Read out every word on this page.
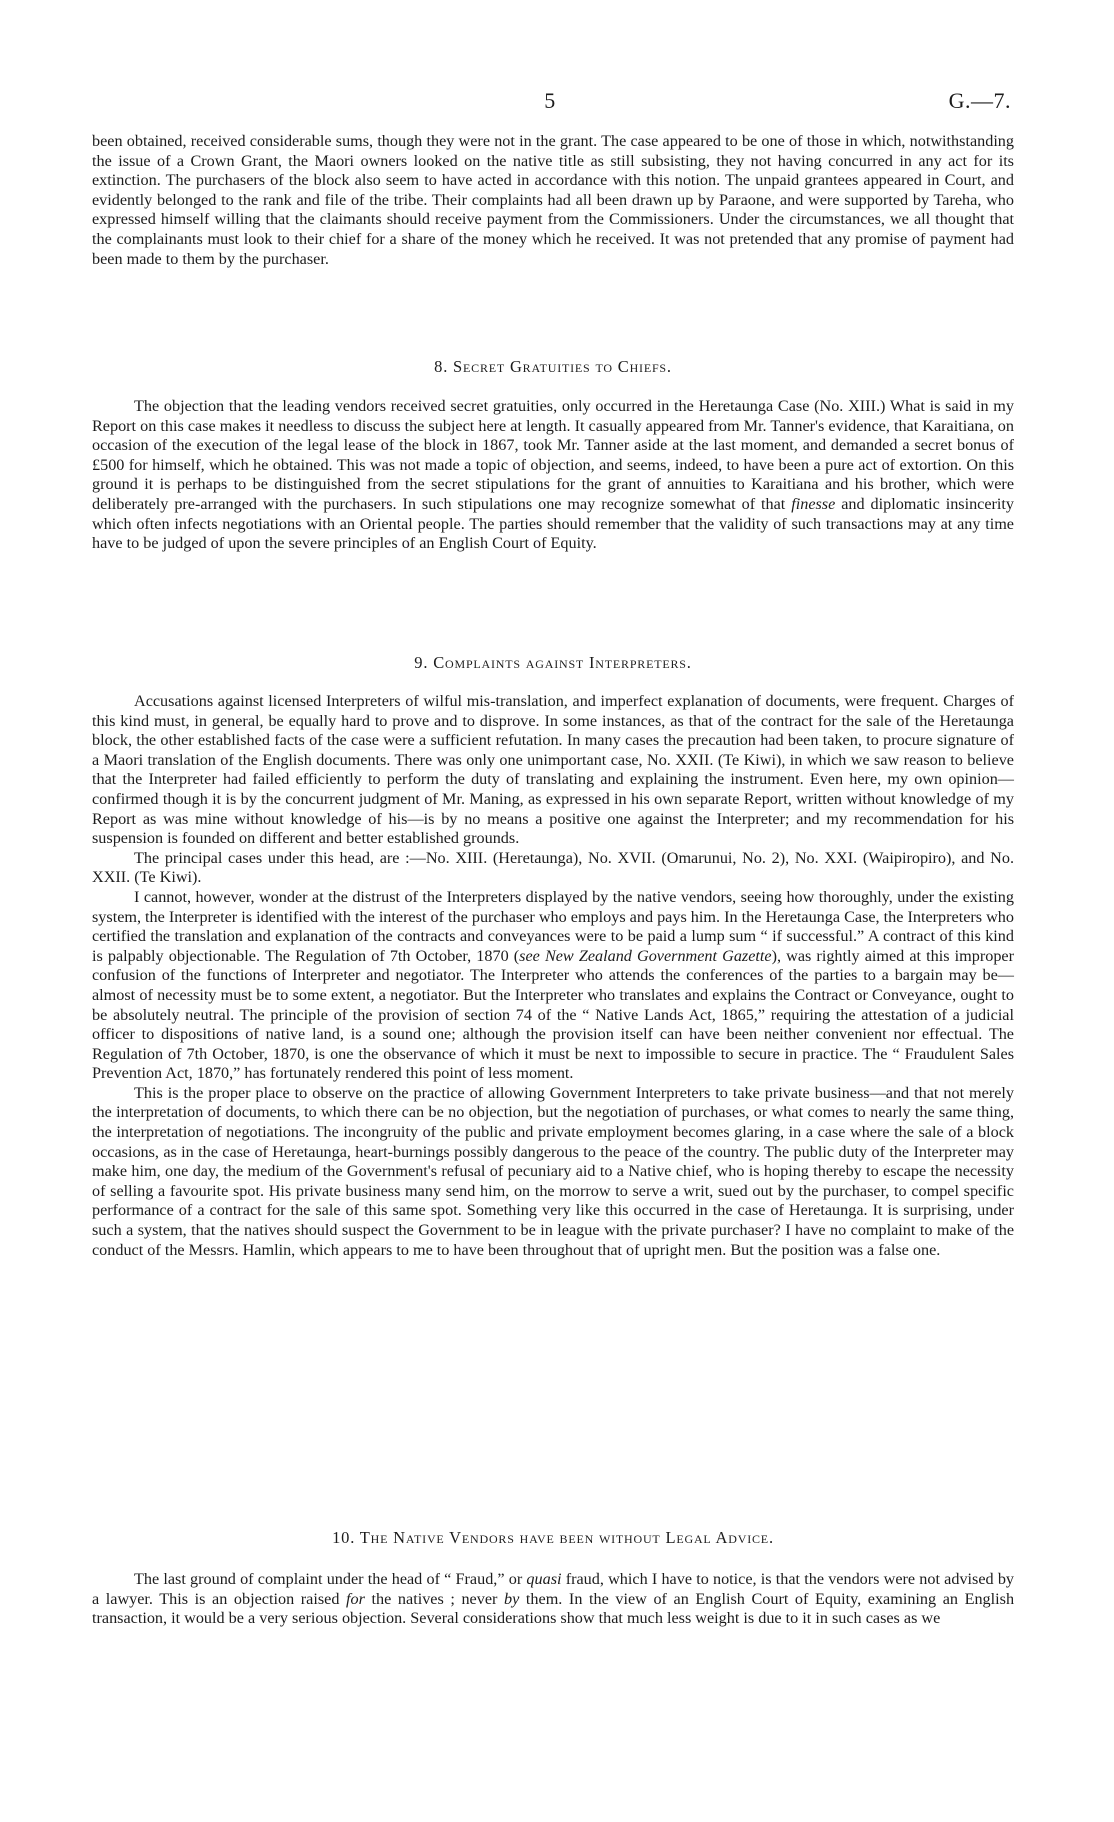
5	G.—7.

been obtained, received considerable sums, though they were not in the grant. The case appeared to be one of those in which, notwithstanding the issue of a Crown Grant, the Maori owners looked on the native title as still subsisting, they not having concurred in any act for its extinction. The purchasers of the block also seem to have acted in accordance with this notion. The unpaid grantees appeared in Court, and evidently belonged to the rank and file of the tribe. Their complaints had all been drawn up by Paraone, and were supported by Tareha, who expressed himself willing that the claimants should receive payment from the Commissioners. Under the circumstances, we all thought that the complainants must look to their chief for a share of the money which he received. It was not pretended that any promise of payment had been made to them by the purchaser.

8. Secret Gratuities to Chiefs.

The objection that the leading vendors received secret gratuities, only occurred in the Heretaunga Case (No. XIII.) What is said in my Report on this case makes it needless to discuss the subject here at length. It casually appeared from Mr. Tanner's evidence, that Karaitiana, on occasion of the execution of the legal lease of the block in 1867, took Mr. Tanner aside at the last moment, and demanded a secret bonus of £500 for himself, which he obtained. This was not made a topic of objection, and seems, indeed, to have been a pure act of extortion. On this ground it is perhaps to be distinguished from the secret stipulations for the grant of annuities to Karaitiana and his brother, which were deliberately pre-arranged with the purchasers. In such stipulations one may recognize somewhat of that finesse and diplomatic insincerity which often infects negotiations with an Oriental people. The parties should remember that the validity of such transactions may at any time have to be judged of upon the severe principles of an English Court of Equity.

9. Complaints against Interpreters.

Accusations against licensed Interpreters of wilful mis-translation, and imperfect explanation of documents, were frequent. Charges of this kind must, in general, be equally hard to prove and to disprove. In some instances, as that of the contract for the sale of the Heretaunga block, the other established facts of the case were a sufficient refutation. In many cases the precaution had been taken, to procure signature of a Maori translation of the English documents. There was only one unimportant case, No. XXII. (Te Kiwi), in which we saw reason to believe that the Interpreter had failed efficiently to perform the duty of translating and explaining the instrument. Even here, my own opinion—confirmed though it is by the concurrent judgment of Mr. Maning, as expressed in his own separate Report, written without knowledge of my Report as was mine without knowledge of his—is by no means a positive one against the Interpreter; and my recommendation for his suspension is founded on different and better established grounds.

The principal cases under this head, are :—No. XIII. (Heretaunga), No. XVII. (Omarunui, No. 2), No. XXI. (Waipiropiro), and No. XXII. (Te Kiwi).

I cannot, however, wonder at the distrust of the Interpreters displayed by the native vendors, seeing how thoroughly, under the existing system, the Interpreter is identified with the interest of the purchaser who employs and pays him. In the Heretaunga Case, the Interpreters who certified the translation and explanation of the contracts and conveyances were to be paid a lump sum “ if successful.” A contract of this kind is palpably objectionable. The Regulation of 7th October, 1870 (see New Zealand Government Gazette), was rightly aimed at this improper confusion of the functions of Interpreter and negotiator. The Interpreter who attends the conferences of the parties to a bargain may be—almost of necessity must be to some extent, a negotiator. But the Interpreter who translates and explains the Contract or Conveyance, ought to be absolutely neutral. The principle of the provision of section 74 of the “ Native Lands Act, 1865,” requiring the attestation of a judicial officer to dispositions of native land, is a sound one; although the provision itself can have been neither convenient nor effectual. The Regulation of 7th October, 1870, is one the observance of which it must be next to impossible to secure in practice. The “ Fraudulent Sales Prevention Act, 1870,” has fortunately rendered this point of less moment.

This is the proper place to observe on the practice of allowing Government Interpreters to take private business—and that not merely the interpretation of documents, to which there can be no objection, but the negotiation of purchases, or what comes to nearly the same thing, the interpretation of negotiations. The incongruity of the public and private employment becomes glaring, in a case where the sale of a block occasions, as in the case of Heretaunga, heart-burnings possibly dangerous to the peace of the country. The public duty of the Interpreter may make him, one day, the medium of the Government's refusal of pecuniary aid to a Native chief, who is hoping thereby to escape the necessity of selling a favourite spot. His private business many send him, on the morrow to serve a writ, sued out by the purchaser, to compel specific performance of a contract for the sale of this same spot. Something very like this occurred in the case of Heretaunga. It is surprising, under such a system, that the natives should suspect the Government to be in league with the private purchaser? I have no complaint to make of the conduct of the Messrs. Hamlin, which appears to me to have been throughout that of upright men. But the position was a false one.

10. The Native Vendors have been without Legal Advice.

The last ground of complaint under the head of “ Fraud,” or quasi fraud, which I have to notice, is that the vendors were not advised by a lawyer. This is an objection raised for the natives ; never by them. In the view of an English Court of Equity, examining an English transaction, it would be a very serious objection. Several considerations show that much less weight is due to it in such cases as we
